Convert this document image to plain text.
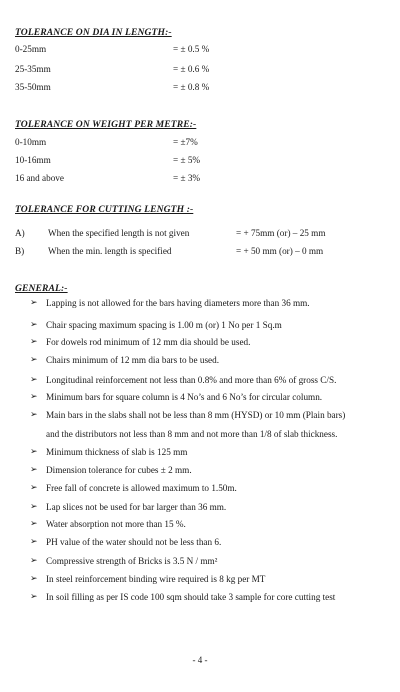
TOLERANCE ON DIA IN LENGTH:-
0-25mm	= ± 0.5 %
25-35mm	= ± 0.6 %
35-50mm	= ± 0.8 %
TOLERANCE ON WEIGHT PER METRE:-
0-10mm	= ±7%
10-16mm	= ± 5%
16 and above	= ± 3%
TOLERANCE FOR CUTTING LENGTH :-
A)	When the specified length is not given	= + 75mm (or) – 25 mm
B)	When the min. length is specified	= + 50 mm (or) – 0 mm
GENERAL:-
➢ Lapping is not allowed for the bars having diameters more than 36 mm.
➢ Chair spacing maximum spacing is 1.00 m (or) 1 No per 1 Sq.m
➢ For dowels rod minimum of 12 mm dia should be used.
➢ Chairs minimum of 12 mm dia bars to be used.
➢ Longitudinal reinforcement not less than 0.8% and more than 6% of gross C/S.
➢ Minimum bars for square column is 4 No’s and 6 No’s for circular column.
➢ Main bars in the slabs shall not be less than 8 mm (HYSD) or 10 mm (Plain bars)
and the distributors not less than 8 mm and not more than 1/8 of slab thickness.
➢ Minimum thickness of slab is 125 mm
➢ Dimension tolerance for cubes ± 2 mm.
➢ Free fall of concrete is allowed maximum to 1.50m.
➢ Lap slices not be used for bar larger than 36 mm.
➢ Water absorption not more than 15 %.
➢ PH value of the water should not be less than 6.
➢ Compressive strength of Bricks is 3.5 N / mm²
➢ In steel reinforcement binding wire required is 8 kg per MT
➢ In soil filling as per IS code 100 sqm should take 3 sample for core cutting test
- 4 -
